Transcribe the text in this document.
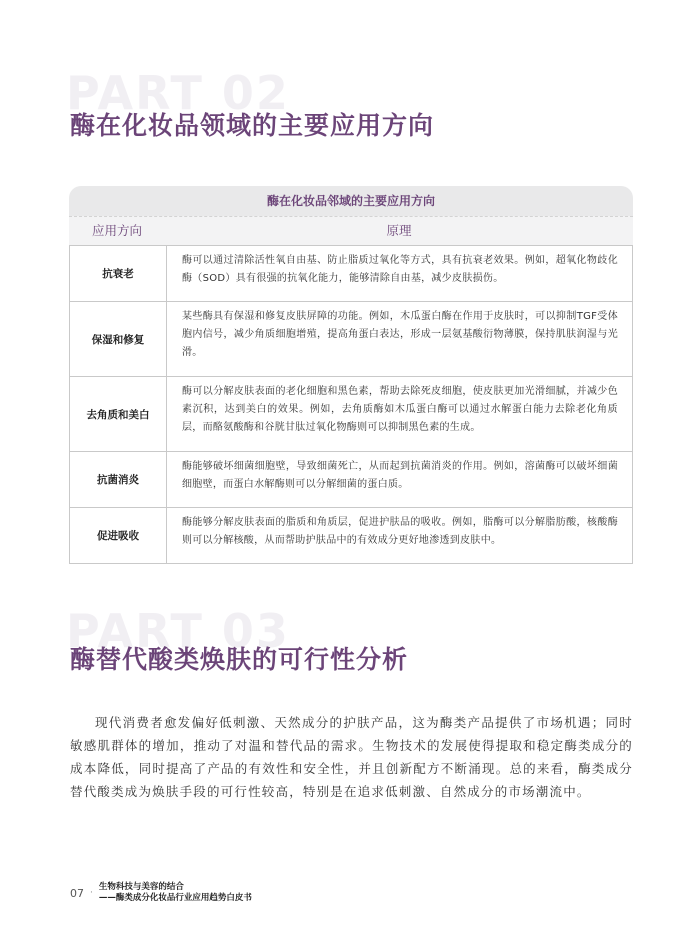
PART 02
酶在化妆品领域的主要应用方向
酶在化妆品邻域的主要应用方向
应用方向	原理
抗衰老
酶可以通过清除活性氧自由基、防止脂质过氧化等方式，具有抗衰老效果。例如，超氧化物歧化酶（SOD）具有很强的抗氧化能力，能够清除自由基，减少皮肤损伤。
保湿和修复
某些酶具有保湿和修复皮肤屏障的功能。例如，木瓜蛋白酶在作用于皮肤时，可以抑制TGF受体胞内信号，减少角质细胞增殖，提高角蛋白表达，形成一层氨基酸衍物薄膜，保持肌肤润湿与光滑。
去角质和美白
酶可以分解皮肤表面的老化细胞和黑色素，帮助去除死皮细胞，使皮肤更加光滑细腻，并减少色素沉积，达到美白的效果。例如，去角质酶如木瓜蛋白酶可以通过水解蛋白能力去除老化角质层，而酪氨酸酶和谷胱甘肽过氧化物酶则可以抑制黑色素的生成。
抗菌消炎
酶能够破坏细菌细胞壁，导致细菌死亡，从而起到抗菌消炎的作用。例如，溶菌酶可以破坏细菌细胞壁，而蛋白水解酶则可以分解细菌的蛋白质。
促进吸收
酶能够分解皮肤表面的脂质和角质层，促进护肤品的吸收。例如，脂酶可以分解脂肪酸，核酸酶则可以分解核酸，从而帮助护肤品中的有效成分更好地渗透到皮肤中。
PART 03
酶替代酸类焕肤的可行性分析

现代消费者愈发偏好低刺激、天然成分的护肤产品，这为酶类产品提供了市场机遇；同时敏感肌群体的增加，推动了对温和替代品的需求。生物技术的发展使得提取和稳定酶类成分的成本降低，同时提高了产品的有效性和安全性，并且创新配方不断涌现。总的来看，酶类成分替代酸类成为焕肤手段的可行性较高，特别是在追求低刺激、自然成分的市场潮流中。

07 ·
生物科技与美容的结合
——酶类成分化妆品行业应用趋势白皮书
